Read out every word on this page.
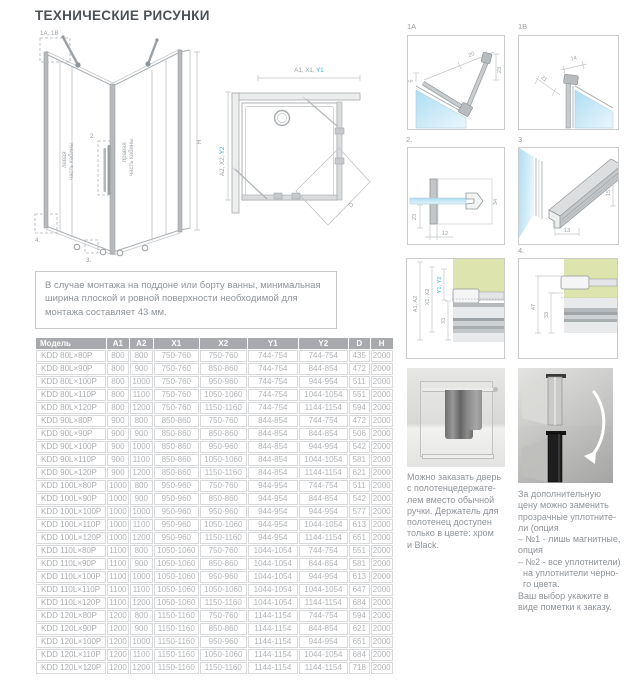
ТЕХНИЧЕСКИЕ РИСУНКИ
1A, 1B
2.
3.
4.
H
левая часть кабины	правая часть кабины
A1, X1, Y1
A2, X2, Y2
D
1A
20
23
5
1B
14
21
2.
23
12
34
3.
13
15
A1, A2 X1, X2
Y1, Y2
33
4.
47
33
Можно заказать дверь
с полотенцедержате-
лем вместо обычной
ручки. Держатель для
полотенец доступен
только в цвете: хром
и Black.
За дополнительную
цену можно заменить
прозрачные уплотните-
ли (опция
– №1 - лишь магнитные,
опция
– №2 - все уплотнители)
на уплотнители черно-
го цвета.
Ваш выбор укажите в
виде пометки к заказу.
В случае монтажа на поддоне или борту ванны, минимальная ширина плоской и ровной поверхности необходимой для монтажа составляет 43 мм.
Модель	A1	A2	X1	X2	Y1	Y2	D	H
KDD 80L×80P	800	800	750-760	750-760	744-754	744-754	435	2000
KDD 80L×90P	800	900	750-760	850-860	744-754	844-854	472	2000
KDD 80L×100P	800	1000	750-760	950-960	744-754	944-954	511	2000
KDD 80L×110P	800	1100	750-760	1050-1060	744-754	1044-1054	551	2000
KDD 80L×120P	800	1200	750-760	1150-1160	744-754	1144-1154	594	2000
KDD 90L×80P	900	800	850-860	750-760	844-854	744-754	472	2000
KDD 90L×90P	900	900	850-860	850-860	844-854	844-854	506	2000
KDD 90L×100P	900	1000	850-860	950-960	844-854	944-954	542	2000
KDD 90L×110P	900	1100	850-860	1050-1060	844-854	1044-1054	581	2000
KDD 90L×120P	900	1200	850-860	1150-1160	844-854	1144-1154	621	2000
KDD 100L×80P	1000	800	950-960	750-760	944-954	744-754	511	2000
KDD 100L×90P	1000	900	950-960	850-860	944-954	844-854	542	2000
KDD 100L×100P	1000	1000	950-960	950-960	944-954	944-954	577	2000
KDD 100L×110P	1000	1100	950-960	1050-1060	944-954	1044-1054	613	2000
KDD 100L×120P	1000	1200	950-960	1150-1160	944-954	1144-1154	651	2000
KDD 110L×80P	1100	800	1050-1060	750-760	1044-1054	744-754	551	2000
KDD 110L×90P	1100	900	1050-1060	850-860	1044-1054	844-854	581	2000
KDD 110L×100P	1100	1000	1050-1060	950-960	1044-1054	944-954	613	2000
KDD 110L×110P	1100	1100	1050-1060	1050-1060	1044-1054	1044-1054	647	2000
KDD 110L×120P	1100	1200	1050-1060	1150-1160	1044-1054	1144-1154	684	2000
KDD 120L×80P	1200	800	1150-1160	750-760	1144-1154	744-754	594	2000
KDD 120L×90P	1200	900	1150-1160	850-860	1144-1154	844-854	621	2000
KDD 120L×100P	1200	1000	1150-1160	950-960	1144-1154	944-954	651	2000
KDD 120L×110P	1200	1100	1150-1160	1050-1060	1144-1154	1044-1054	684	2000
KDD 120L×120P	1200	1200	1150-1160	1150-1160	1144-1154	1144-1154	718	2000
